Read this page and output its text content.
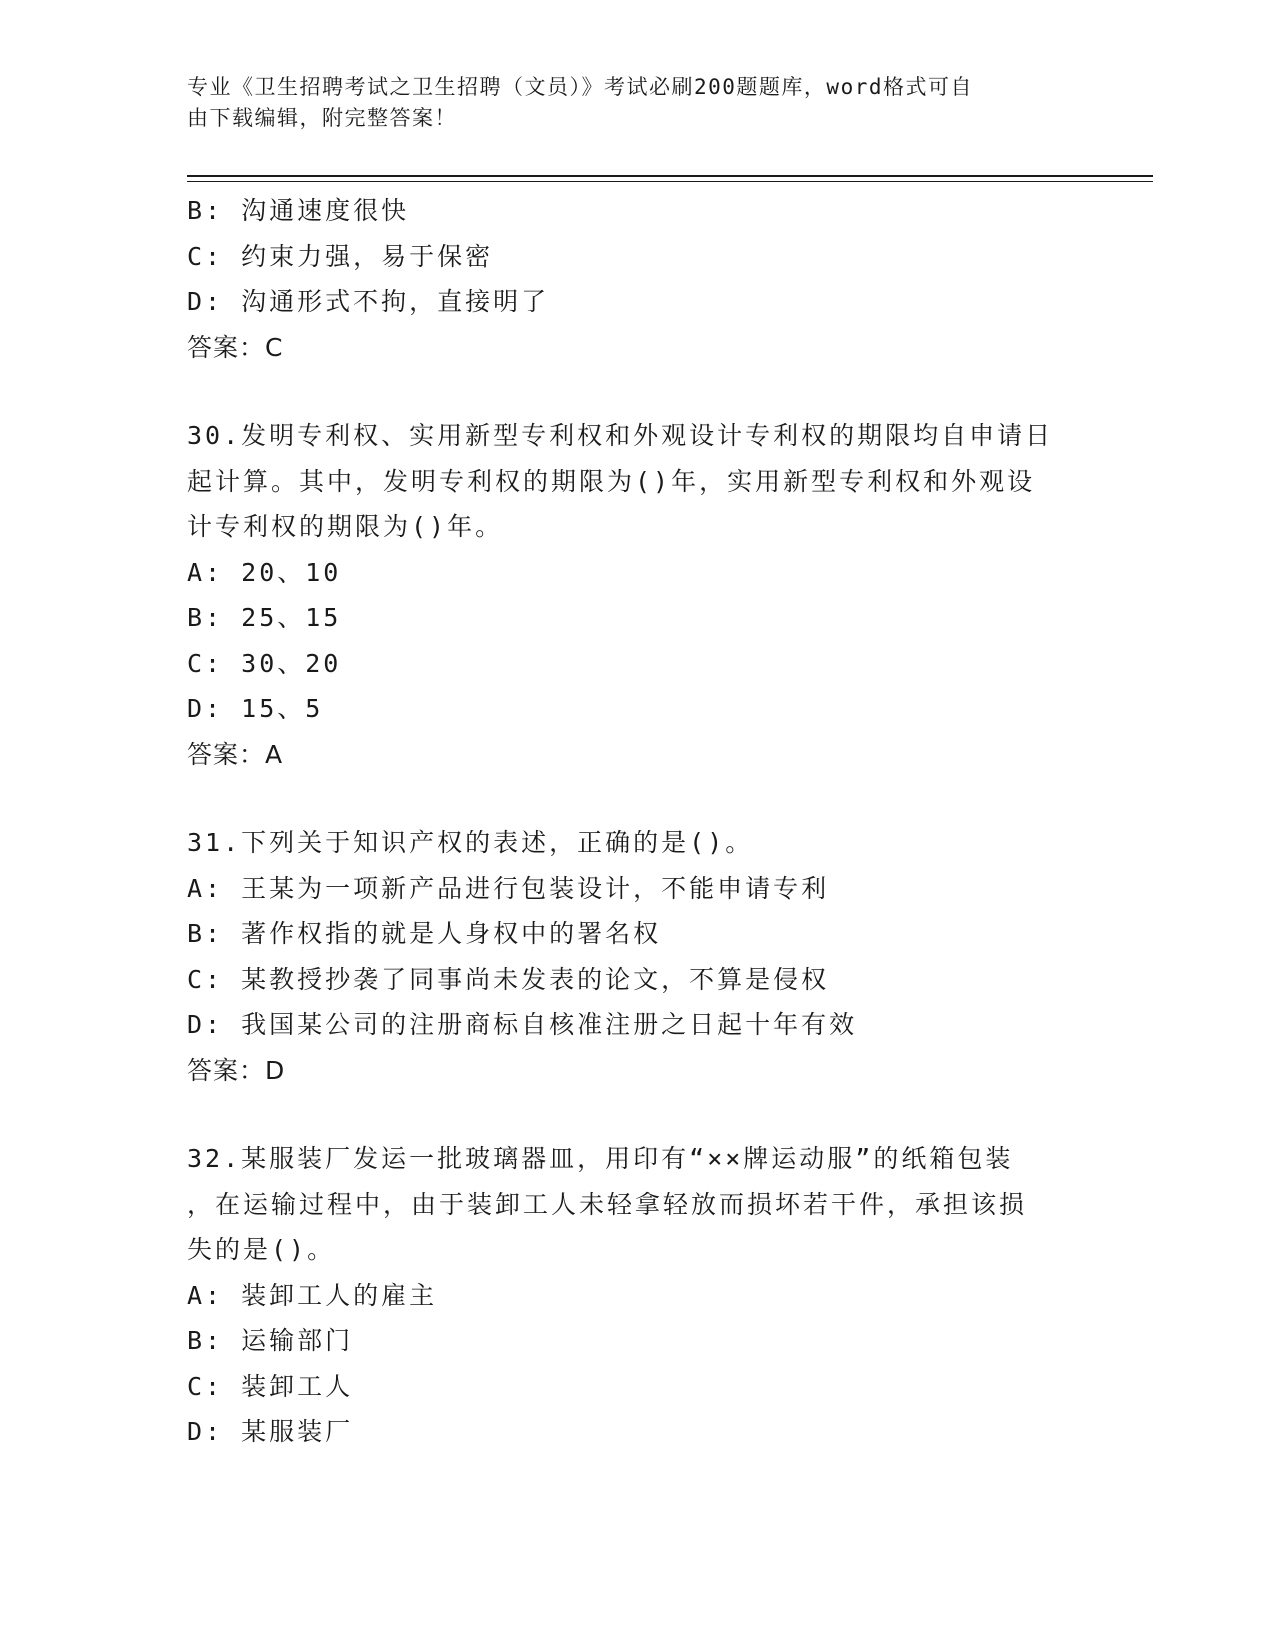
专业《卫生招聘考试之卫生招聘（文员）》考试必刷200题题库，word格式可自
由下载编辑，附完整答案！
B: 沟通速度很快
C: 约束力强，易于保密
D: 沟通形式不拘，直接明了
答案：C
30.发明专利权、实用新型专利权和外观设计专利权的期限均自申请日
起计算。其中，发明专利权的期限为()年，实用新型专利权和外观设
计专利权的期限为()年。
A: 20、10
B: 25、15
C: 30、20
D: 15、5
答案：A
31.下列关于知识产权的表述，正确的是()。
A: 王某为一项新产品进行包装设计，不能申请专利
B: 著作权指的就是人身权中的署名权
C: 某教授抄袭了同事尚未发表的论文，不算是侵权
D: 我国某公司的注册商标自核准注册之日起十年有效
答案：D
32.某服装厂发运一批玻璃器皿，用印有“××牌运动服”的纸箱包装
，在运输过程中，由于装卸工人未轻拿轻放而损坏若干件，承担该损
失的是()。
A: 装卸工人的雇主
B: 运输部门
C: 装卸工人
D: 某服装厂
